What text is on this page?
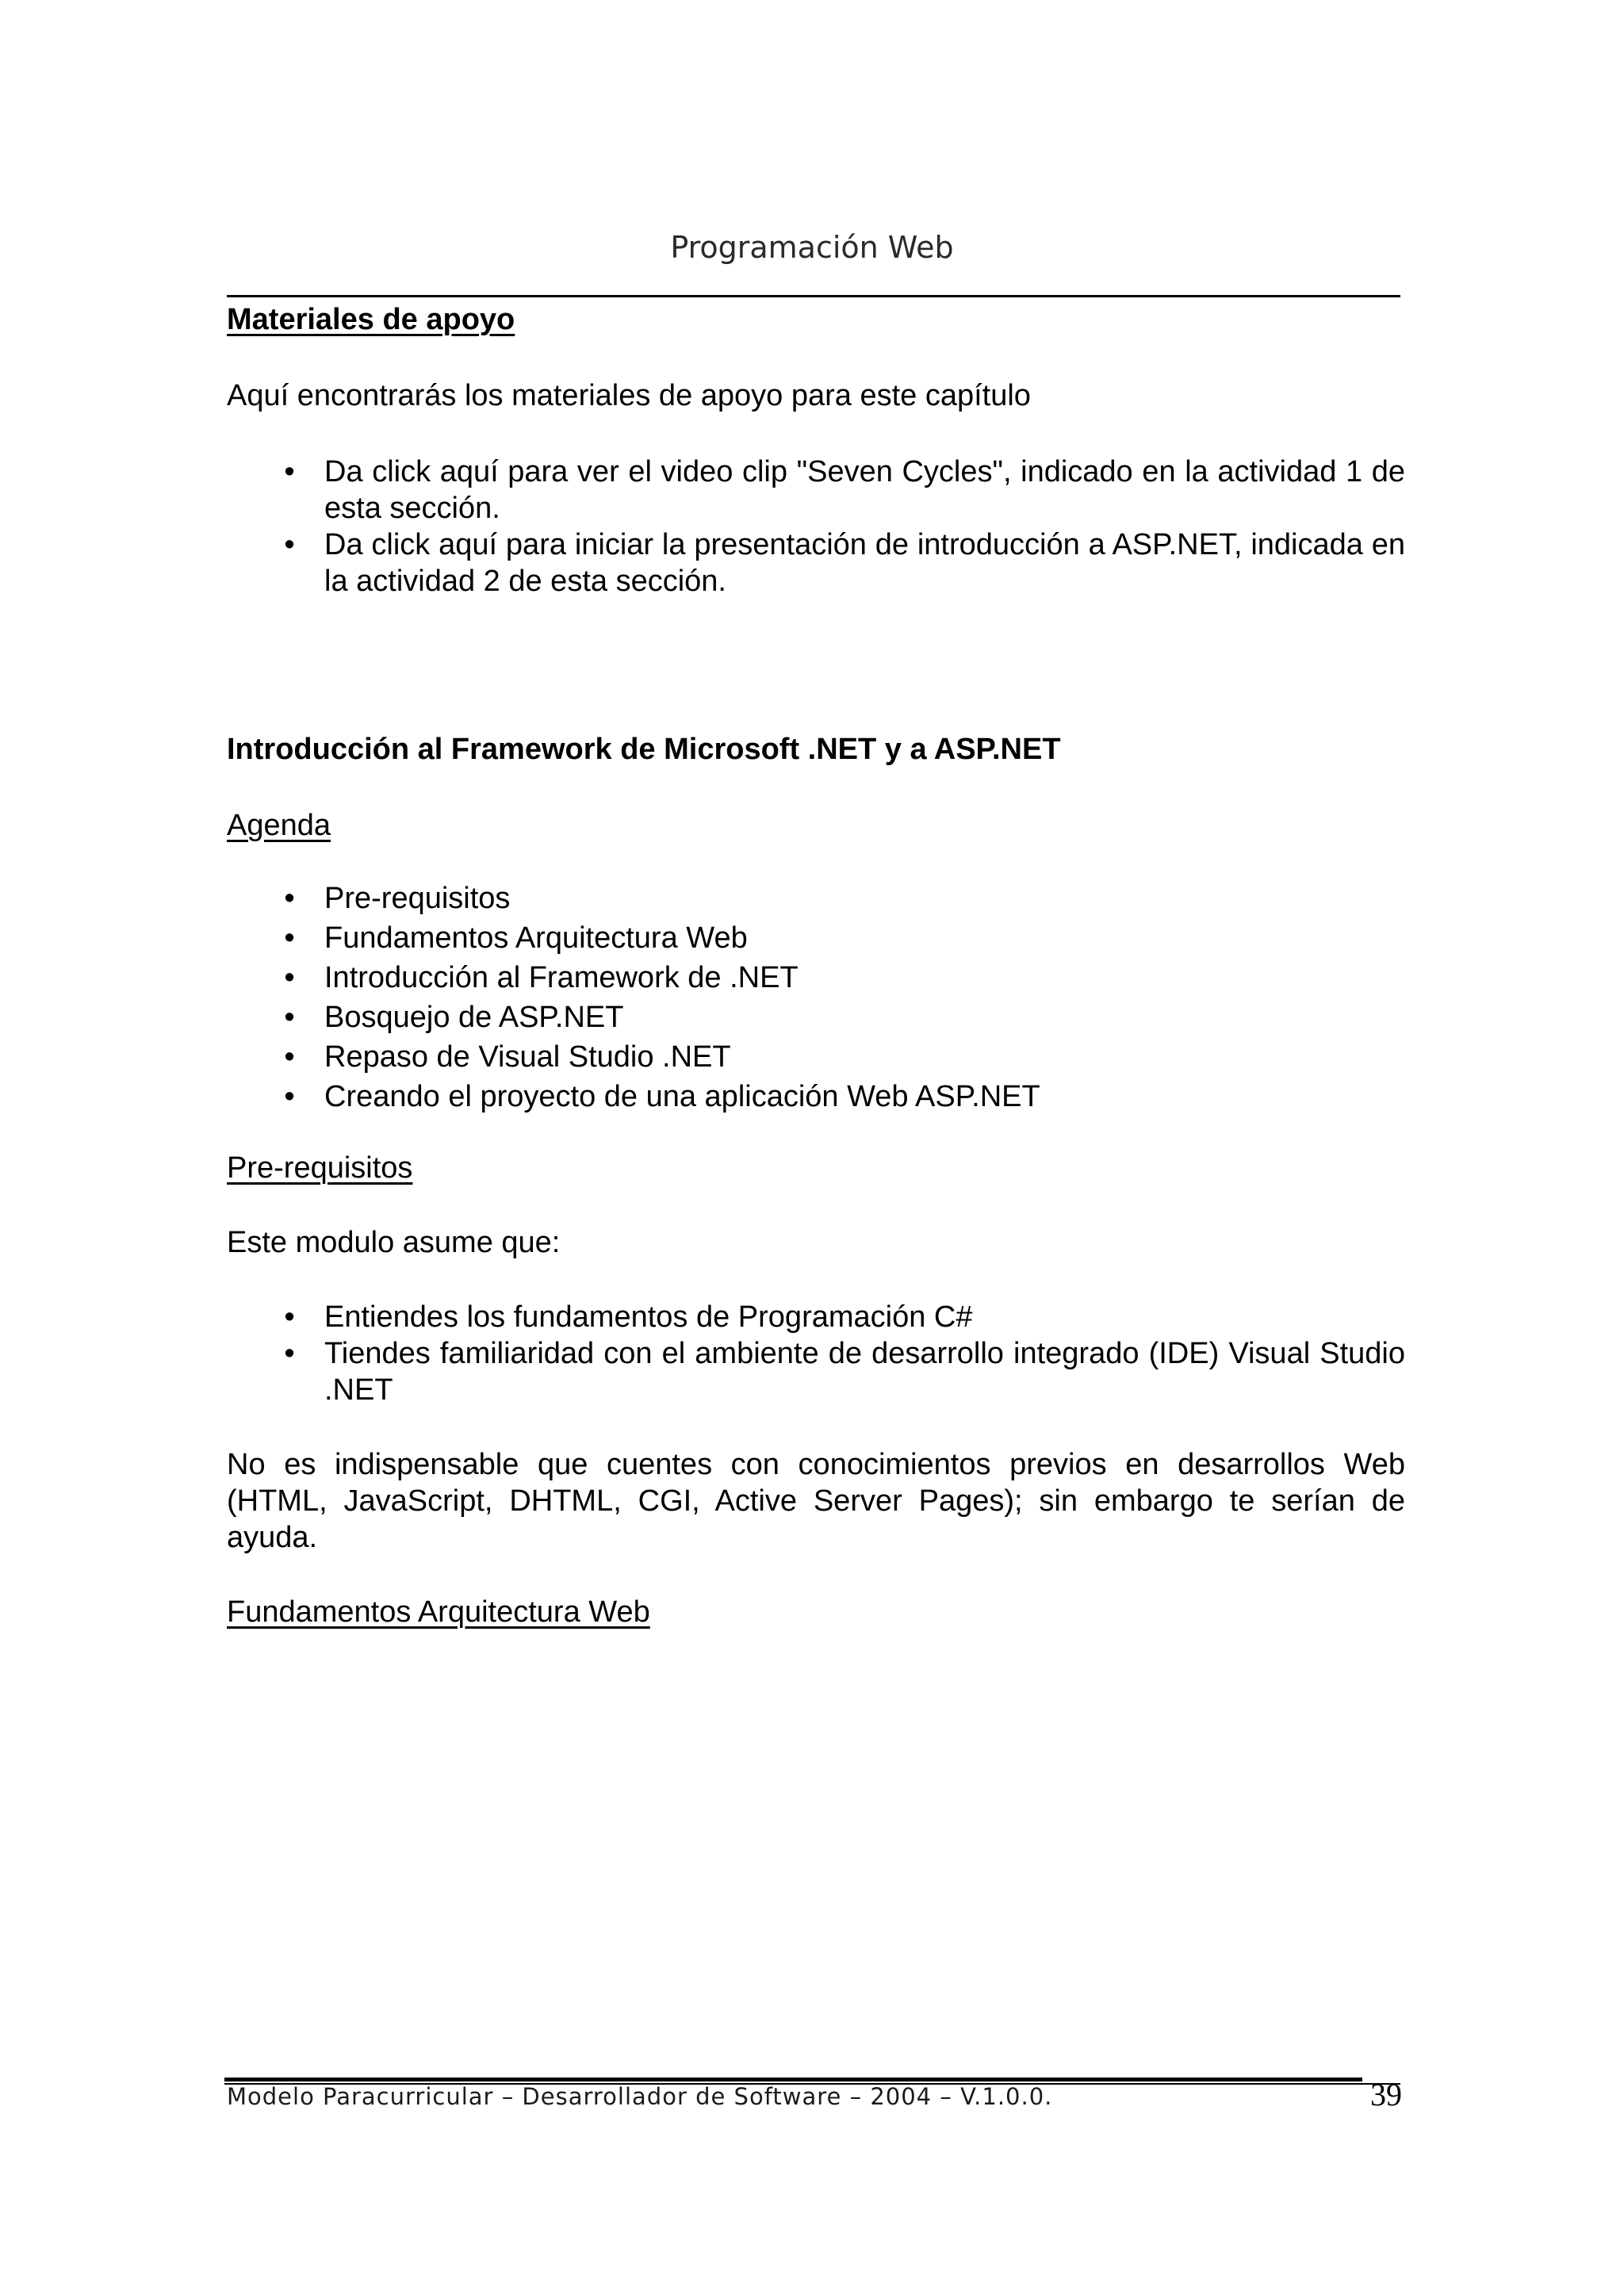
Programación Web
Materiales de apoyo

Aquí encontrarás los materiales de apoyo para este capítulo

• Da click aquí para ver el video clip "Seven Cycles", indicado en la actividad 1 de esta sección.
• Da click aquí para iniciar la presentación de introducción a ASP.NET, indicada en la actividad 2 de esta sección.
Introducción al Framework de Microsoft .NET y a ASP.NET

Agenda

• Pre-requisitos
• Fundamentos Arquitectura Web
• Introducción al Framework de .NET
• Bosquejo de ASP.NET
• Repaso de Visual Studio .NET
• Creando el proyecto de una aplicación Web ASP.NET

Pre-requisitos

Este modulo asume que:

• Entiendes los fundamentos de Programación C#
• Tiendes familiaridad con el ambiente de desarrollo integrado (IDE) Visual Studio .NET

No es indispensable que cuentes con conocimientos previos en desarrollos Web (HTML, JavaScript, DHTML, CGI, Active Server Pages); sin embargo te serían de ayuda.

Fundamentos Arquitectura Web

Modelo Paracurricular – Desarrollador de Software – 2004 – V.1.0.0.	39
